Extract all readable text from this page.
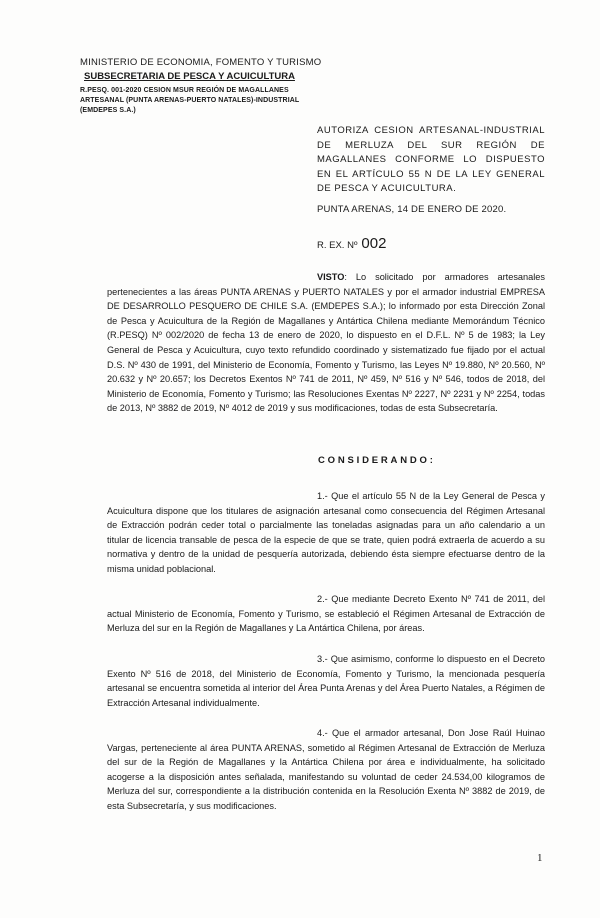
MINISTERIO DE ECONOMIA, FOMENTO Y TURISMO
SUBSECRETARIA DE PESCA Y ACUICULTURA
R.PESQ. 001-2020 CESION MSUR REGIÓN DE MAGALLANES ARTESANAL (PUNTA ARENAS-PUERTO NATALES)-INDUSTRIAL (EMDEPES S.A.)
AUTORIZA CESION ARTESANAL-INDUSTRIAL DE MERLUZA DEL SUR REGIÓN DE MAGALLANES CONFORME LO DISPUESTO EN EL ARTÍCULO 55 N DE LA LEY GENERAL DE PESCA Y ACUICULTURA.
PUNTA ARENAS, 14 DE ENERO DE 2020.
R. EX. Nº 002
VISTO: Lo solicitado por armadores artesanales pertenecientes a las áreas PUNTA ARENAS y PUERTO NATALES y por el armador industrial EMPRESA DE DESARROLLO PESQUERO DE CHILE S.A. (EMDEPES S.A.); lo informado por esta Dirección Zonal de Pesca y Acuicultura de la Región de Magallanes y Antártica Chilena mediante Memorándum Técnico (R.PESQ) Nº 002/2020 de fecha 13 de enero de 2020, lo dispuesto en el D.F.L. Nº 5 de 1983; la Ley General de Pesca y Acuicultura, cuyo texto refundido coordinado y sistematizado fue fijado por el actual D.S. Nº 430 de 1991, del Ministerio de Economía, Fomento y Turismo, las Leyes Nº 19.880, Nº 20.560, Nº 20.632 y Nº 20.657; los Decretos Exentos Nº 741 de 2011, Nº 459, Nº 516 y Nº 546, todos de 2018, del Ministerio de Economía, Fomento y Turismo; las Resoluciones Exentas Nº 2227, Nº 2231 y Nº 2254, todas de 2013, Nº 3882 de 2019, Nº 4012 de 2019 y sus modificaciones, todas de esta Subsecretaría.
CONSIDERANDO:
1.- Que el artículo 55 N de la Ley General de Pesca y Acuicultura dispone que los titulares de asignación artesanal como consecuencia del Régimen Artesanal de Extracción podrán ceder total o parcialmente las toneladas asignadas para un año calendario a un titular de licencia transable de pesca de la especie de que se trate, quien podrá extraerla de acuerdo a su normativa y dentro de la unidad de pesquería autorizada, debiendo ésta siempre efectuarse dentro de la misma unidad poblacional.
2.- Que mediante Decreto Exento Nº 741 de 2011, del actual Ministerio de Economía, Fomento y Turismo, se estableció el Régimen Artesanal de Extracción de Merluza del sur en la Región de Magallanes y La Antártica Chilena, por áreas.
3.- Que asimismo, conforme lo dispuesto en el Decreto Exento Nº 516 de 2018, del Ministerio de Economía, Fomento y Turismo, la mencionada pesquería artesanal se encuentra sometida al interior del Área Punta Arenas y del Área Puerto Natales, a Régimen de Extracción Artesanal individualmente.
4.- Que el armador artesanal, Don Jose Raúl Huinao Vargas, perteneciente al área PUNTA ARENAS, sometido al Régimen Artesanal de Extracción de Merluza del sur de la Región de Magallanes y la Antártica Chilena por área e individualmente, ha solicitado acogerse a la disposición antes señalada, manifestando su voluntad de ceder 24.534,00 kilogramos de Merluza del sur, correspondiente a la distribución contenida en la Resolución Exenta Nº 3882 de 2019, de esta Subsecretaría, y sus modificaciones.
1
